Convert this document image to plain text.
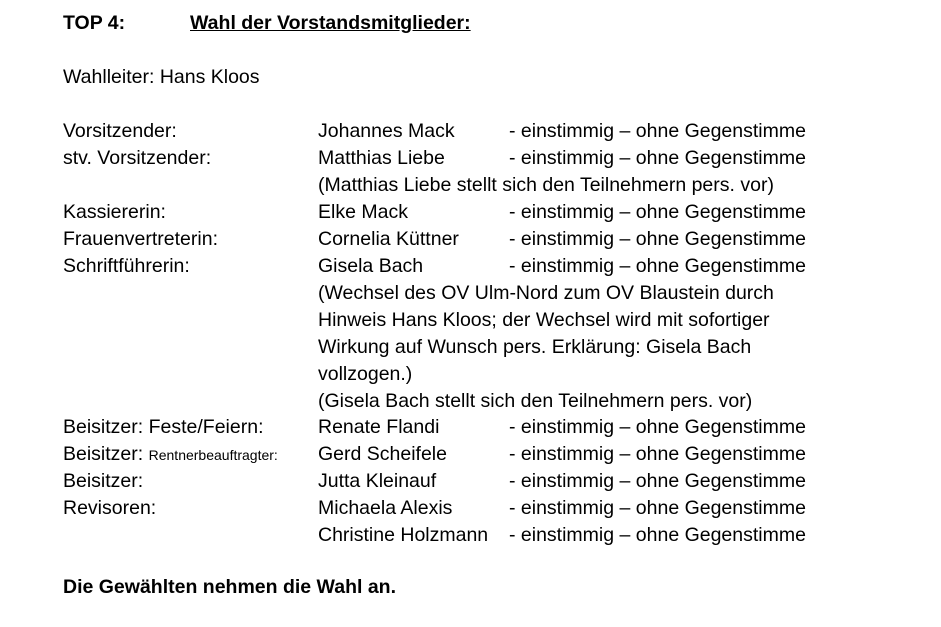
TOP 4:	Wahl der Vorstandsmitglieder:
Wahlleiter: Hans Kloos
Vorsitzender:	Johannes Mack	- einstimmig – ohne Gegenstimme
stv. Vorsitzender:	Matthias Liebe	- einstimmig – ohne Gegenstimme
(Matthias Liebe stellt sich den Teilnehmern pers. vor)
Kassiererin:	Elke Mack	- einstimmig – ohne Gegenstimme
Frauenvertreterin:	Cornelia Küttner	- einstimmig – ohne Gegenstimme
Schriftführerin:	Gisela Bach	- einstimmig – ohne Gegenstimme
(Wechsel des OV Ulm-Nord zum OV Blaustein durch
Hinweis Hans Kloos; der Wechsel wird mit sofortiger
Wirkung auf Wunsch pers. Erklärung: Gisela Bach
vollzogen.)
(Gisela Bach stellt sich den Teilnehmern pers. vor)
Beisitzer: Feste/Feiern:	Renate Flandi	- einstimmig – ohne Gegenstimme
Beisitzer: Rentnerbeauftragter: Gerd Scheifele	- einstimmig – ohne Gegenstimme
Beisitzer:	Jutta Kleinauf	- einstimmig – ohne Gegenstimme
Revisoren:	Michaela Alexis	- einstimmig – ohne Gegenstimme
Christine Holzmann - einstimmig – ohne Gegenstimme
Die Gewählten nehmen die Wahl an.
